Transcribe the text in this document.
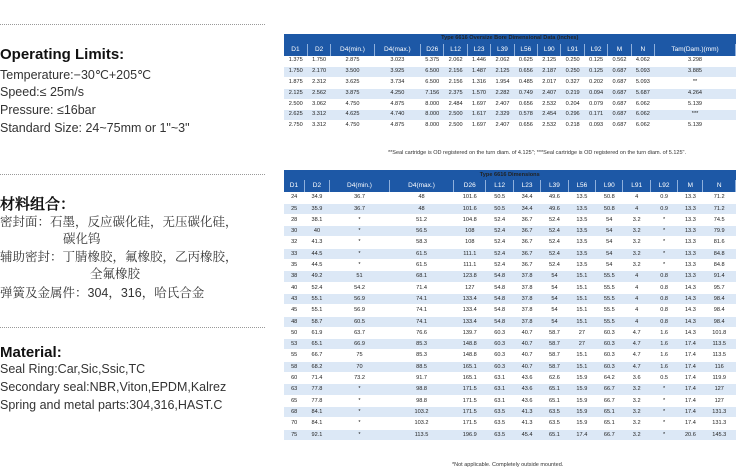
Operating Limits:
Temperature:−30℃+205℃
Speed:≤ 25m/s
Pressure: ≤16bar
Standard Size: 24~75mm or 1"~3"
材料组合：
密封面：石墨，反应碳化硅，无压碳化硅，
碳化钨
辅助密封：丁腈橡胶，氟橡胶，乙丙橡胶，
全氟橡胶
弹簧及金属件：304，316，哈氏合金
Material:
Seal Ring:Car,Sic,Ssic,TC
Secondary seal:NBR,Viton,EPDM,Kalrez
Spring and metal parts:304,316,HAST.C
Type 6616 Oversize Bore Dimensional Data (inches)														
D1	D2	D4(min.)	D4(max.)	D26	L12	L23	L39	L56	L90	L91	L92	M	N	Tam(Dam.)(mm)
1.375	1.750	2.875	3.023	5.375	2.062	1.446	2.062	0.625	2.125	0.250	0.125	0.562	4.062	3.298
1.750	2.170	3.500	3.925	6.500	2.156	1.487	2.125	0.656	2.187	0.250	0.125	0.687	5.093	3.885
1.875	2.312	3.625	3.734	6.500	2.156	1.316	1.954	0.485	2.017	0.327	0.202	0.687	5.093	**
2.125	2.562	3.875	4.250	7.156	2.375	1.570	2.282	0.749	2.407	0.219	0.094	0.687	5.687	4.264
2.500	3.062	4.750	4.875	8.000	2.484	1.697	2.407	0.656	2.532	0.204	0.079	0.687	6.062	5.139
2.625	3.312	4.625	4.740	8.000	2.500	1.617	2.329	0.578	2.454	0.296	0.171	0.687	6.062	***
2.750	3.312	4.750	4.875	8.000	2.500	1.697	2.407	0.656	2.532	0.218	0.093	0.687	6.062	5.139
**Seal cartridge is OD registered on the turn diam. of 4.125"; ***Seal cartridge is OD registered on the turn diam. of 5.125".
Type 6616 Dimensions													
D1	D2	D4(min.)	D4(max.)	D26	L12	L23	L39	L56	L90	L91	L92	M	N
24	34.9	36.7	48	101.6	50.5	34.4	49.6	13.5	50.8	4	0.9	13.3	71.2
25	35.9	36.7	48	101.6	50.5	34.4	49.6	13.5	50.8	4	0.9	13.3	71.2
28	38.1	*	51.2	104.8	52.4	36.7	52.4	13.5	54	3.2	*	13.3	74.5
30	40	*	56.5	108	52.4	36.7	52.4	13.5	54	3.2	*	13.3	79.9
32	41.3	*	58.3	108	52.4	36.7	52.4	13.5	54	3.2	*	13.3	81.6
33	44.5	*	61.5	111.1	52.4	36.7	52.4	13.5	54	3.2	*	13.3	84.8
35	44.5	*	61.5	111.1	52.4	36.7	52.4	13.5	54	3.2	*	13.3	84.8
38	49.2	51	68.1	123.8	54.8	37.8	54	15.1	55.5	4	0.8	13.3	91.4
40	52.4	54.2	71.4	127	54.8	37.8	54	15.1	55.5	4	0.8	14.3	95.7
43	55.1	56.9	74.1	133.4	54.8	37.8	54	15.1	55.5	4	0.8	14.3	98.4
45	55.1	56.9	74.1	133.4	54.8	37.8	54	15.1	55.5	4	0.8	14.3	98.4
48	58.7	60.5	74.1	133.4	54.8	37.8	54	15.1	55.5	4	0.8	14.3	98.4
50	61.9	63.7	76.6	139.7	60.3	40.7	58.7	27	60.3	4.7	1.6	14.3	101.8
53	65.1	66.9	85.3	148.8	60.3	40.7	58.7	27	60.3	4.7	1.6	17.4	113.5
55	66.7	75	85.3	148.8	60.3	40.7	58.7	15.1	60.3	4.7	1.6	17.4	113.5
58	68.2	70	88.5	165.1	60.3	40.7	58.7	15.1	60.3	4.7	1.6	17.4	116
60	71.4	73.2	91.7	165.1	63.1	43.6	62.6	15.9	64.2	3.6	0.5	17.4	119.9
63	77.8	*	98.8	171.5	63.1	43.6	65.1	15.9	66.7	3.2	*	17.4	127
65	77.8	*	98.8	171.5	63.1	43.6	65.1	15.9	66.7	3.2	*	17.4	127
68	84.1	*	103.2	171.5	63.5	41.3	63.5	15.9	65.1	3.2	*	17.4	131.3
70	84.1	*	103.2	171.5	63.5	41.3	63.5	15.9	65.1	3.2	*	17.4	131.3
75	92.1	*	113.5	196.9	63.5	45.4	65.1	17.4	66.7	3.2	*	20.6	145.3
*Not applicable. Completely outside mounted.
